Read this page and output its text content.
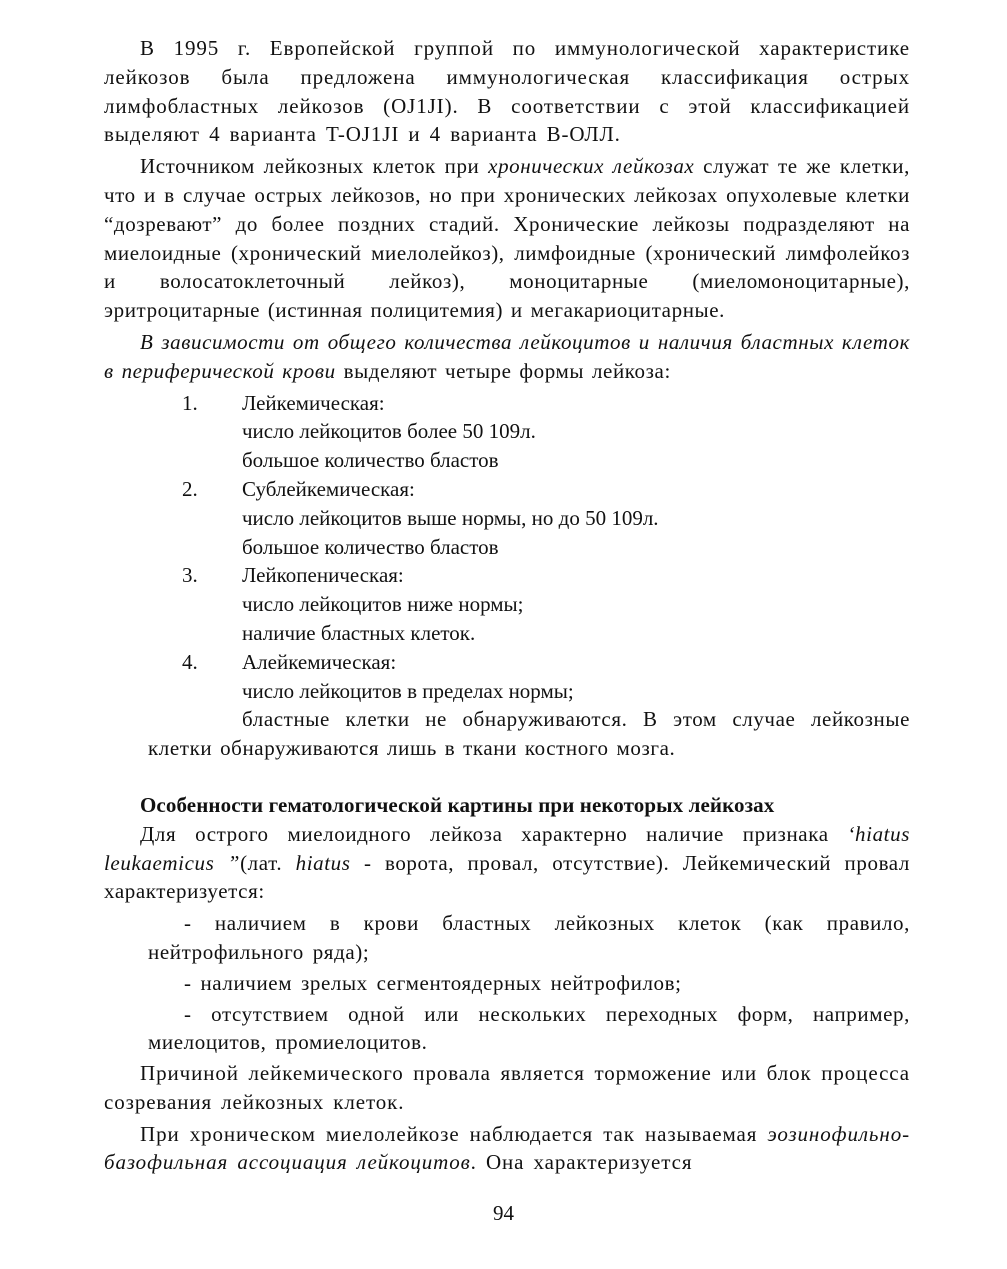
В 1995 г. Европейской группой по иммунологической характеристике лейкозов была предложена иммунологическая классификация острых лимфобластных лейкозов (OJ1JI). В соответствии с этой классификацией выделяют 4 варианта T-OJ1JI и 4 варианта В-ОЛЛ.

Источником лейкозных клеток при хронических лейкозах служат те же клетки, что и в случае острых лейкозов, но при хронических лейкозах опухолевые клетки “дозревают” до более поздних стадий. Хронические лейкозы подразделяют на миелоидные (хронический миелолейкоз), лимфоидные (хронический лимфолейкоз и волосатоклеточный лейкоз), моноцитарные (миеломоноцитарные), эритроцитарные (истинная полицитемия) и мегакариоцитарные.

В зависимости от общего количества лейкоцитов и наличия бластных клеток в периферической крови выделяют четыре формы лейкоза:

1.	Лейкемическая:
число лейкоцитов более 50 109л.
большое количество бластов
2.	Сублейкемическая:
число лейкоцитов выше нормы, но до 50 109л.
большое количество бластов
3.	Лейкопеническая:
число лейкоцитов ниже нормы;
наличие бластных клеток.
4.	Алейкемическая:
число лейкоцитов в пределах нормы;

бластные клетки не обнаруживаются. В этом случае лейкозные клетки обнаруживаются лишь в ткани костного мозга.

Особенности гематологической картины при некоторых лейкозах

Для острого миелоидного лейкоза характерно наличие признака ‘hiatus leukaemicus ”(лат. hiatus - ворота, провал, отсутствие). Лейкемический провал характеризуется:

- наличием в крови бластных лейкозных клеток (как правило, нейтрофильного ряда);

- наличием зрелых сегментоядерных нейтрофилов;

- отсутствием одной или нескольких переходных форм, например, миелоцитов, промиелоцитов.

Причиной лейкемического провала является торможение или блок процесса созревания лейкозных клеток.

При хроническом миелолейкозе наблюдается так называемая эозинофильно-базофильная ассоциация лейкоцитов. Она характеризуется

94
